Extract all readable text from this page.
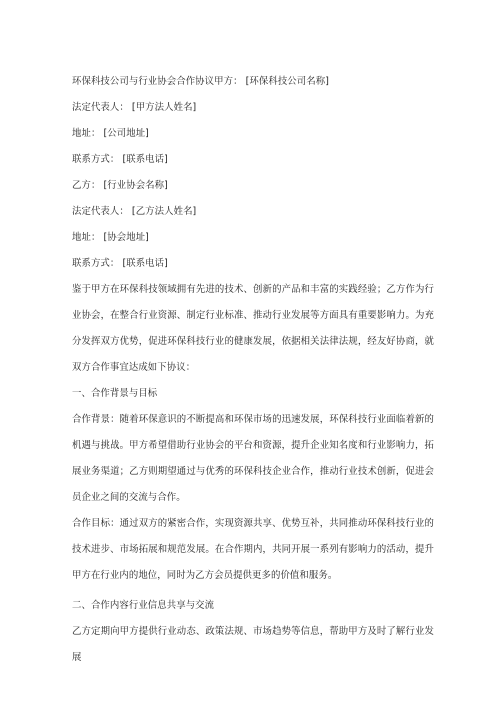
环保科技公司与行业协会合作协议甲方： [环保科技公司名称]

法定代表人： [甲方法人姓名]

地址： [公司地址]

联系方式： [联系电话]

乙方： [行业协会名称]

法定代表人： [乙方法人姓名]

地址： [协会地址]

联系方式： [联系电话]

鉴于甲方在环保科技领域拥有先进的技术、创新的产品和丰富的实践经验；乙方作为行业协会，在整合行业资源、制定行业标准、推动行业发展等方面具有重要影响力。为充分发挥双方优势，促进环保科技行业的健康发展，依据相关法律法规，经友好协商，就双方合作事宜达成如下协议：

一、合作背景与目标

合作背景：随着环保意识的不断提高和环保市场的迅速发展，环保科技行业面临着新的机遇与挑战。甲方希望借助行业协会的平台和资源，提升企业知名度和行业影响力，拓展业务渠道；乙方则期望通过与优秀的环保科技企业合作，推动行业技术创新，促进会员企业之间的交流与合作。

合作目标：通过双方的紧密合作，实现资源共享、优势互补，共同推动环保科技行业的技术进步、市场拓展和规范发展。在合作期内，共同开展一系列有影响力的活动，提升甲方在行业内的地位，同时为乙方会员提供更多的价值和服务。

二、合作内容行业信息共享与交流

乙方定期向甲方提供行业动态、政策法规、市场趋势等信息，帮助甲方及时了解行业发展
